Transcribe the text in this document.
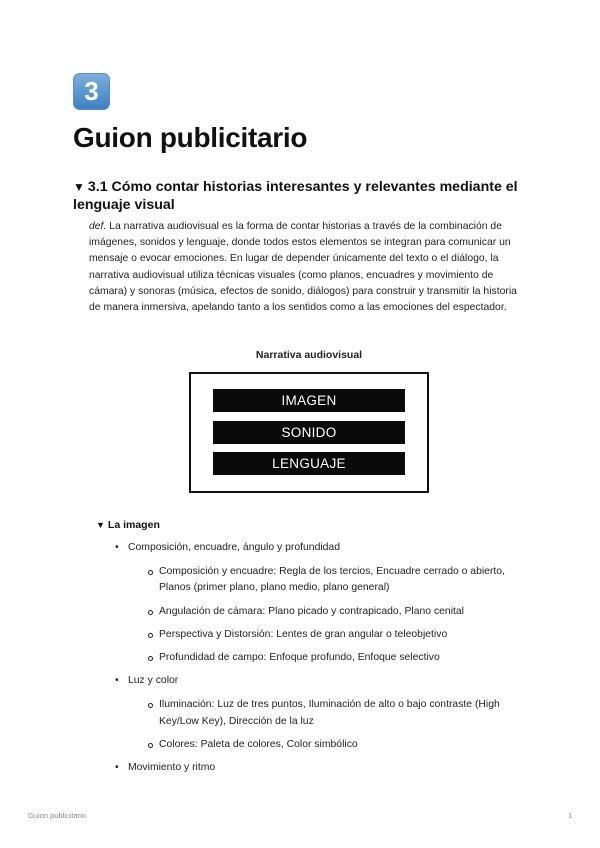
3
Guion publicitario
▼ 3.1 Cómo contar historias interesantes y relevantes mediante el lenguaje visual

def. La narrativa audiovisual es la forma de contar historias a través de la combinación de imágenes, sonidos y lenguaje, donde todos estos elementos se integran para comunicar un mensaje o evocar emociones. En lugar de depender únicamente del texto o el diálogo, la narrativa audiovisual utiliza técnicas visuales (como planos, encuadres y movimiento de cámara) y sonoras (música, efectos de sonido, diálogos) para construir y transmitir la historia de manera inmersiva, apelando tanto a los sentidos como a las emociones del espectador.

Narrativa audiovisual
IMAGEN
SONIDO
LENGUAJE
▼ La imagen
• Composición, encuadre, ángulo y profundidad
Composición y encuadre: Regla de los tercios, Encuadre cerrado o abierto, Planos (primer plano, plano medio, plano general)
Angulación de cámara: Plano picado y contrapicado, Plano cenital
Perspectiva y Distorsión: Lentes de gran angular o teleobjetivo
Profundidad de campo: Enfoque profundo, Enfoque selectivo
• Luz y color
Iluminación: Luz de tres puntos, Iluminación de alto o bajo contraste (High Key/Low Key), Dirección de la luz
Colores: Paleta de colores, Color simbólico
• Movimiento y ritmo
Guion publicitario	1
